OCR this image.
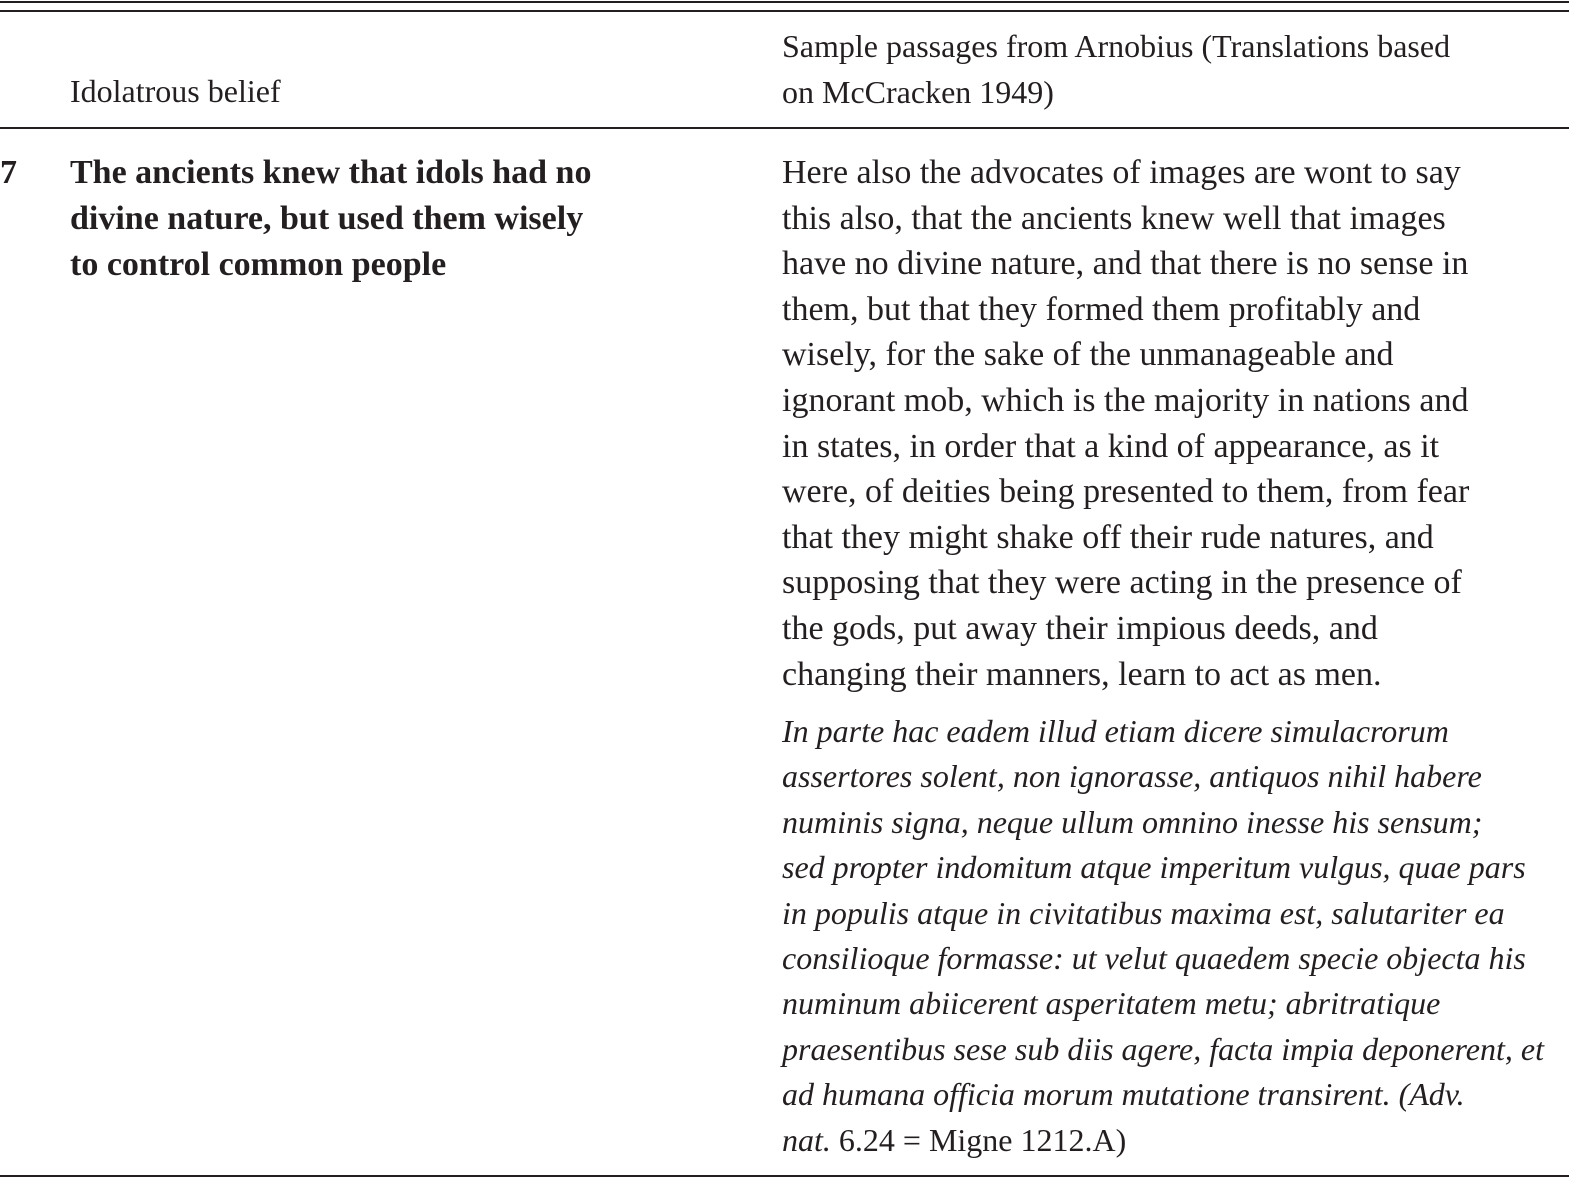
Idolatrous belief
Sample passages from Arnobius (Translations based
on McCracken 1949)
7 The ancients knew that idols had no
divine nature, but used them wisely
to control common people
Here also the advocates of images are wont to say
this also, that the ancients knew well that images
have no divine nature, and that there is no sense in
them, but that they formed them profitably and
wisely, for the sake of the unmanageable and
ignorant mob, which is the majority in nations and
in states, in order that a kind of appearance, as it
were, of deities being presented to them, from fear
that they might shake off their rude natures, and
supposing that they were acting in the presence of
the gods, put away their impious deeds, and
changing their manners, learn to act as men.
In parte hac eadem illud etiam dicere simulacrorum
assertores solent, non ignorasse, antiquos nihil habere
numinis signa, neque ullum omnino inesse his sensum;
sed propter indomitum atque imperitum vulgus, quae pars
in populis atque in civitatibus maxima est, salutariter ea
consilioque formasse: ut velut quaedem specie objecta his
numinum abiicerent asperitatem metu; abritratique
praesentibus sese sub diis agere, facta impia deponerent, et
ad humana officia morum mutatione transirent. (Adv.
nat. 6.24 = Migne 1212.A)
